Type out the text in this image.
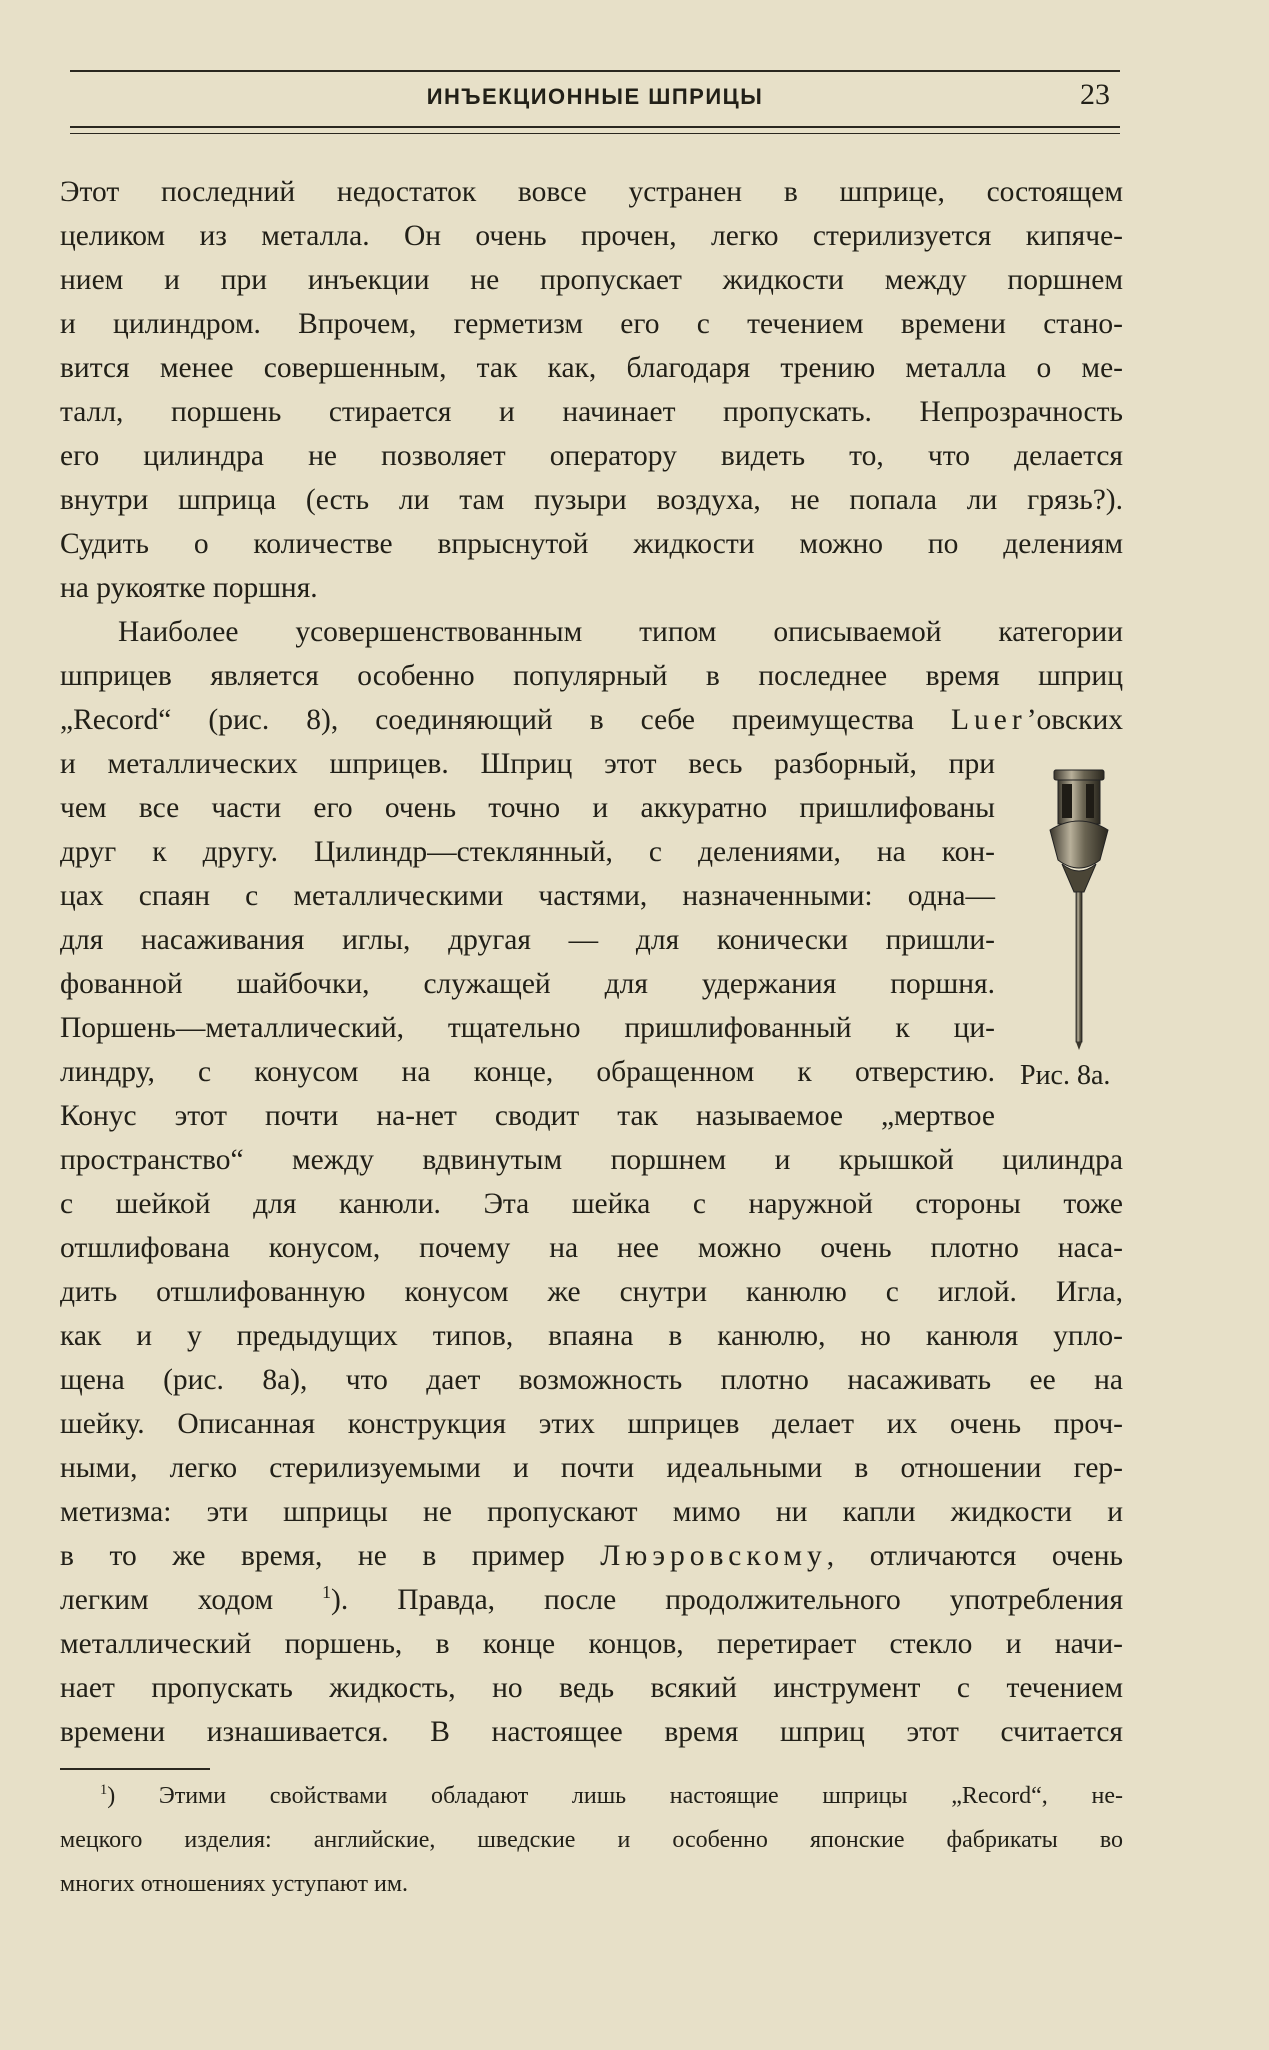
ИНЪЕКЦИОННЫЕ ШПРИЦЫ	23
Этот последний недостаток вовсе устранен в шприце, состоящем
целиком из металла. Он очень прочен, легко стерилизуется кипяче-
нием и при инъекции не пропускает жидкости между поршнем
и цилиндром. Впрочем, герметизм его с течением времени стано-
вится менее совершенным, так как, благодаря трению металла о ме-
талл, поршень стирается и начинает пропускать. Непрозрачность
его цилиндра не позволяет оператору видеть то, что делается
внутри шприца (есть ли там пузыри воздуха, не попала ли грязь?).
Судить о количестве впрыснутой жидкости можно по делениям
на рукоятке поршня.
Наиболее усовершенствованным типом описываемой категории
шприцев является особенно популярный в последнее время шприц
„Record“ (рис. 8), соединяющий в себе преимущества Luer’овских
и металлических шприцев. Шприц этот весь разборный, при
чем все части его очень точно и аккуратно пришлифованы
друг к другу. Цилиндр—стеклянный, с делениями, на кон-
цах спаян с металлическими частями, назначенными: одна—
для насаживания иглы, другая — для конически пришли-
фованной шайбочки, служащей для удержания поршня.
Поршень—металлический, тщательно пришлифованный к ци-
линдру, с конусом на конце, обращенном к отверстию.
Конус этот почти на-нет сводит так называемое „мертвое
пространство“ между вдвинутым поршнем и крышкой цилиндра
с шейкой для канюли. Эта шейка с наружной стороны тоже
отшлифована конусом, почему на нее можно очень плотно наса-
дить отшлифованную конусом же снутри канюлю с иглой. Игла,
как и у предыдущих типов, впаяна в канюлю, но канюля упло-
щена (рис. 8а), что дает возможность плотно насаживать ее на
шейку. Описанная конструкция этих шприцев делает их очень проч-
ными, легко стерилизуемыми и почти идеальными в отношении гер-
метизма: эти шприцы не пропускают мимо ни капли жидкости и
в то же время, не в пример Люэровскому, отличаются очень
легким ходом	$^1$). Правда, после продолжительного употребления
металлический поршень, в конце концов, перетирает стекло и начи-
нает пропускать жидкость, но ведь всякий инструмент с течением
времени изнашивается. В настоящее время шприц этот считается
Рис. 8а.
$^1$) Этими свойствами обладают лишь настоящие шприцы „Record“, не-
мецкого изделия: английские, шведские и особенно японские фабрикаты во
многих отношениях уступают им.
